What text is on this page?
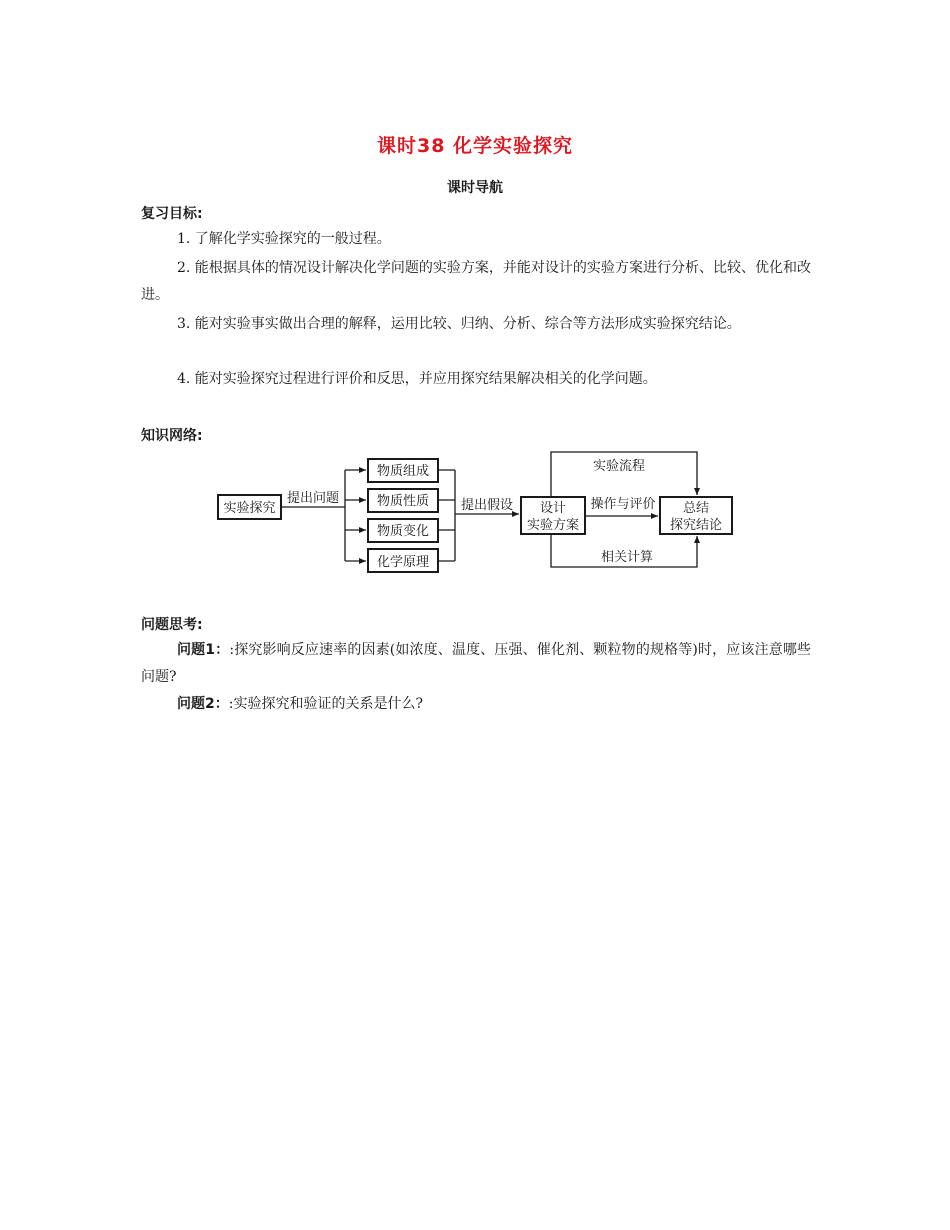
课时38 化学实验探究
课时导航
复习目标:
1. 了解化学实验探究的一般过程。
2. 能根据具体的情况设计解决化学问题的实验方案，并能对设计的实验方案进行分析、比较、优化和改进。
3. 能对实验事实做出合理的解释，运用比较、归纳、分析、综合等方法形成实验探究结论。
4. 能对实验探究过程进行评价和反思，并应用探究结果解决相关的化学问题。
知识网络:
实验探究
提出问题
物质组成
物质性质
物质变化
化学原理
提出假设 设计
实验方案
操作与评价 总结
探究结论
实验流程
相关计算
问题思考:
问题1：:探究影响反应速率的因素(如浓度、温度、压强、催化剂、颗粒物的规格等)时，应该注意哪些问题?
问题2：:实验探究和验证的关系是什么?
